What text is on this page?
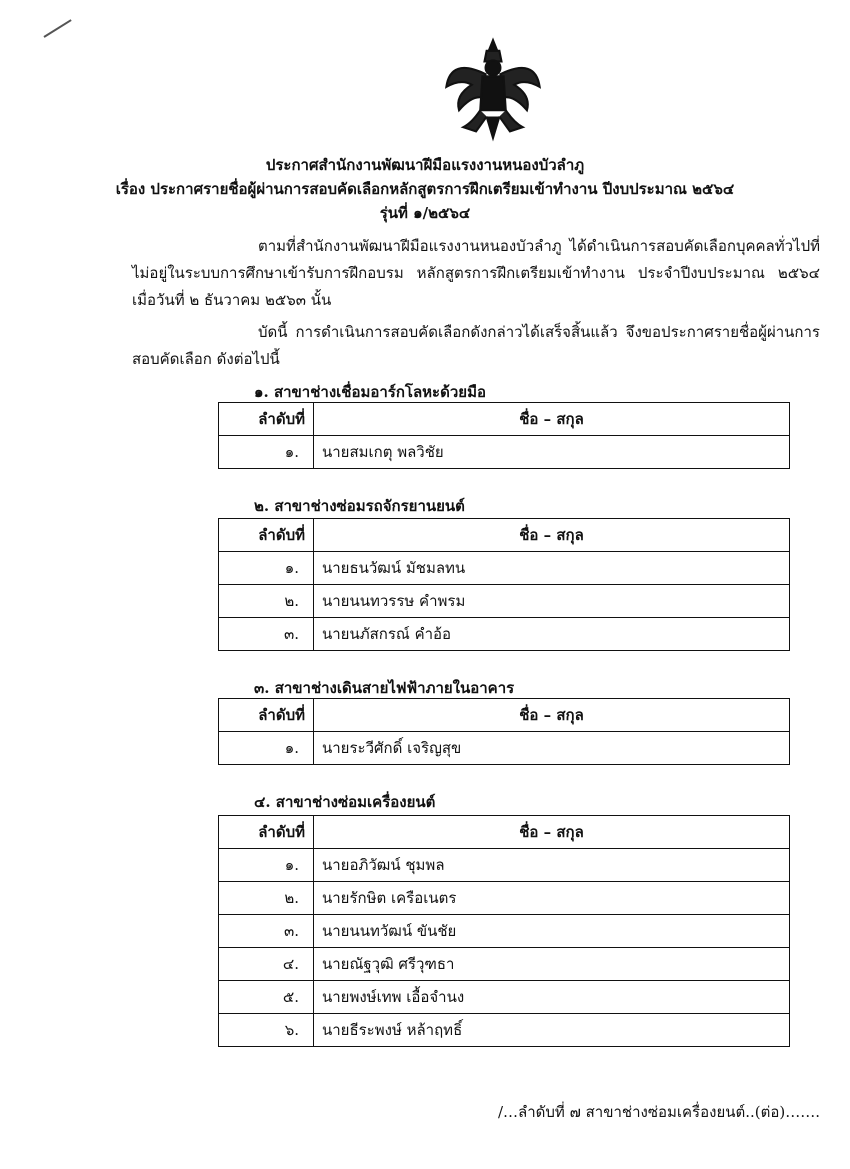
ประกาศสำนักงานพัฒนาฝีมือแรงงานหนองบัวลำภู
เรื่อง ประกาศรายชื่อผู้ผ่านการสอบคัดเลือกหลักสูตรการฝึกเตรียมเข้าทำงาน ปีงบประมาณ ๒๕๖๔
รุ่นที่ ๑/๒๕๖๔
ตามที่สำนักงานพัฒนาฝีมือแรงงานหนองบัวลำภู ได้ดำเนินการสอบคัดเลือกบุคคลทั่วไปที่ไม่อยู่ในระบบการศึกษาเข้ารับการฝึกอบรม หลักสูตรการฝึกเตรียมเข้าทำงาน ประจำปีงบประมาณ ๒๕๖๔ เมื่อวันที่ ๒ ธันวาคม ๒๕๖๓ นั้น
บัดนี้ การดำเนินการสอบคัดเลือกดังกล่าวได้เสร็จสิ้นแล้ว จึงขอประกาศรายชื่อผู้ผ่านการสอบคัดเลือก ดังต่อไปนี้
๑. สาขาช่างเชื่อมอาร์กโลหะด้วยมือ
ลำดับที่	ชื่อ – สกุล
๑.	นายสมเกตุ พลวิชัย
๒. สาขาช่างซ่อมรถจักรยานยนต์
ลำดับที่	ชื่อ – สกุล
๑.	นายธนวัฒน์ มัชมลทน
๒.	นายนนทวรรษ คำพรม
๓.	นายนภัสกรณ์ คำอ้อ
๓. สาขาช่างเดินสายไฟฟ้าภายในอาคาร
ลำดับที่	ชื่อ – สกุล
๑.	นายระวีศักดิ์ เจริญสุข
๔. สาขาช่างซ่อมเครื่องยนต์
ลำดับที่	ชื่อ – สกุล
๑.	นายอภิวัฒน์ ชุมพล
๒.	นายรักษิต เครือเนตร
๓.	นายนนทวัฒน์ ขันชัย
๔.	นายณัฐวุฒิ ศรีวุฑธา
๕.	นายพงษ์เทพ เอื้อจำนง
๖.	นายธีระพงษ์ หล้าฤทธิ์
/…ลำดับที่ ๗ สาขาช่างซ่อมเครื่องยนต์..(ต่อ)…….
